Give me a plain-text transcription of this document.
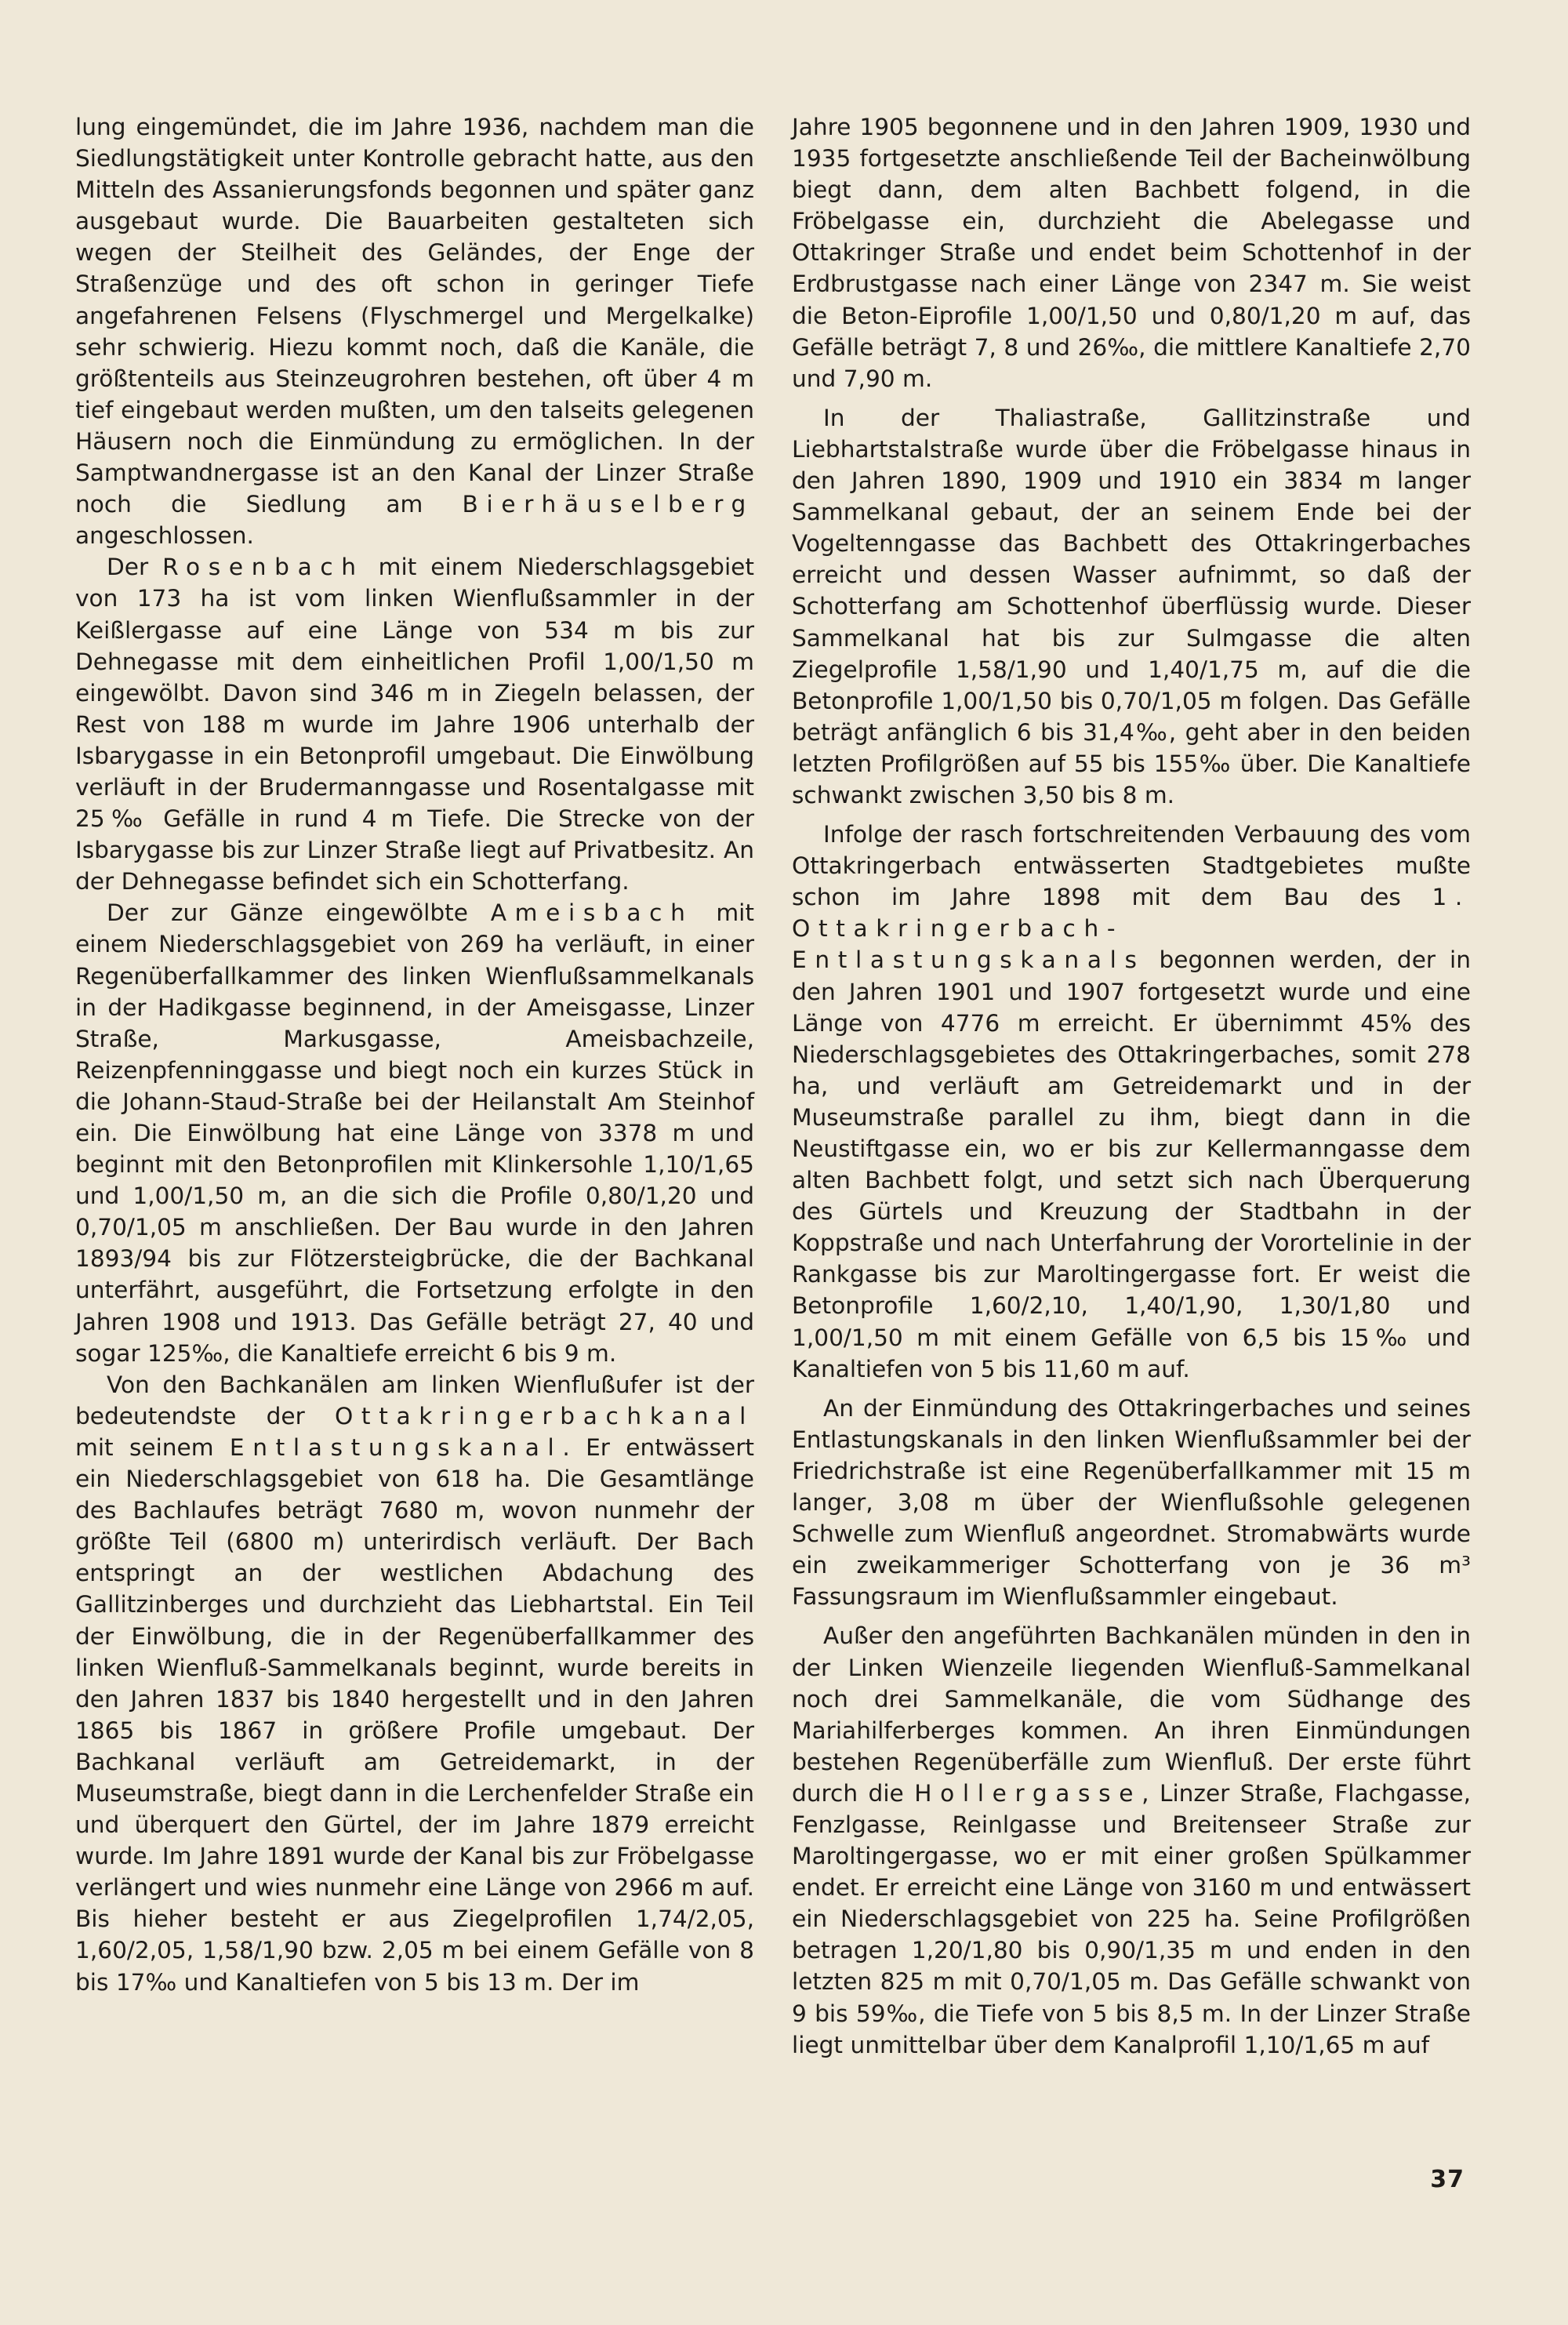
lung eingemündet, die im Jahre 1936, nachdem man die Siedlungstätigkeit unter Kontrolle gebracht hatte, aus den Mitteln des Assanierungsfonds begonnen und später ganz ausgebaut wurde. Die Bauarbeiten gestalteten sich wegen der Steilheit des Geländes, der Enge der Straßenzüge und des oft schon in geringer Tiefe angefahrenen Felsens (Flyschmergel und Mergelkalke) sehr schwierig. Hiezu kommt noch, daß die Kanäle, die größtenteils aus Steinzeugrohren bestehen, oft über 4 m tief eingebaut werden mußten, um den talseits gelegenen Häusern noch die Einmündung zu ermöglichen. In der Samptwandnergasse ist an den Kanal der Linzer Straße noch die Siedlung am Bierhäuselberg angeschlossen.

Der Rosenbach mit einem Niederschlagsgebiet von 173 ha ist vom linken Wienflußsammler in der Keißlergasse auf eine Länge von 534 m bis zur Dehnegasse mit dem einheitlichen Profil 1,00/1,50 m eingewölbt. Davon sind 346 m in Ziegeln belassen, der Rest von 188 m wurde im Jahre 1906 unterhalb der Isbarygasse in ein Betonprofil umgebaut. Die Einwölbung verläuft in der Brudermanngasse und Rosentalgasse mit 25‰ Gefälle in rund 4 m Tiefe. Die Strecke von der Isbarygasse bis zur Linzer Straße liegt auf Privatbesitz. An der Dehnegasse befindet sich ein Schotterfang.

Der zur Gänze eingewölbte Ameisbach mit einem Niederschlagsgebiet von 269 ha verläuft, in einer Regenüberfallkammer des linken Wienflußsammelkanals in der Hadikgasse beginnend, in der Ameisgasse, Linzer Straße, Markusgasse, Ameisbachzeile, Reizenpfenninggasse und biegt noch ein kurzes Stück in die Johann-Staud-Straße bei der Heilanstalt Am Steinhof ein. Die Einwölbung hat eine Länge von 3378 m und beginnt mit den Betonprofilen mit Klinkersohle 1,10/1,65 und 1,00/1,50 m, an die sich die Profile 0,80/1,20 und 0,70/1,05 m anschließen. Der Bau wurde in den Jahren 1893/94 bis zur Flötzersteigbrücke, die der Bachkanal unterfährt, ausgeführt, die Fortsetzung erfolgte in den Jahren 1908 und 1913. Das Gefälle beträgt 27, 40 und sogar 125‰, die Kanaltiefe erreicht 6 bis 9 m.

Von den Bachkanälen am linken Wienflußufer ist der bedeutendste der Ottakringerbachkanal mit seinem Entlastungskanal. Er entwässert ein Niederschlagsgebiet von 618 ha. Die Gesamtlänge des Bachlaufes beträgt 7680 m, wovon nunmehr der größte Teil (6800 m) unterirdisch verläuft. Der Bach entspringt an der westlichen Abdachung des Gallitzinberges und durchzieht das Liebhartstal. Ein Teil der Einwölbung, die in der Regenüberfallkammer des linken Wienfluß-Sammelkanals beginnt, wurde bereits in den Jahren 1837 bis 1840 hergestellt und in den Jahren 1865 bis 1867 in größere Profile umgebaut. Der Bachkanal verläuft am Getreidemarkt, in der Museumstraße, biegt dann in die Lerchenfelder Straße ein und überquert den Gürtel, der im Jahre 1879 erreicht wurde. Im Jahre 1891 wurde der Kanal bis zur Fröbelgasse verlängert und wies nunmehr eine Länge von 2966 m auf. Bis hieher besteht er aus Ziegelprofilen 1,74/2,05, 1,60/2,05, 1,58/1,90 bzw. 2,05 m bei einem Gefälle von 8 bis 17‰ und Kanaltiefen von 5 bis 13 m. Der im

Jahre 1905 begonnene und in den Jahren 1909, 1930 und 1935 fortgesetzte anschließende Teil der Bacheinwölbung biegt dann, dem alten Bachbett folgend, in die Fröbelgasse ein, durchzieht die Abelegasse und Ottakringer Straße und endet beim Schottenhof in der Erdbrustgasse nach einer Länge von 2347 m. Sie weist die Beton-Eiprofile 1,00/1,50 und 0,80/1,20 m auf, das Gefälle beträgt 7, 8 und 26‰, die mittlere Kanaltiefe 2,70 und 7,90 m.

In der Thaliastraße, Gallitzinstraße und Liebhartstalstraße wurde über die Fröbelgasse hinaus in den Jahren 1890, 1909 und 1910 ein 3834 m langer Sammelkanal gebaut, der an seinem Ende bei der Vogeltenngasse das Bachbett des Ottakringerbaches erreicht und dessen Wasser aufnimmt, so daß der Schotterfang am Schottenhof überflüssig wurde. Dieser Sammelkanal hat bis zur Sulmgasse die alten Ziegelprofile 1,58/1,90 und 1,40/1,75 m, auf die die Betonprofile 1,00/1,50 bis 0,70/1,05 m folgen. Das Gefälle beträgt anfänglich 6 bis 31,4‰, geht aber in den beiden letzten Profilgrößen auf 55 bis 155‰ über. Die Kanaltiefe schwankt zwischen 3,50 bis 8 m.

Infolge der rasch fortschreitenden Verbauung des vom Ottakringerbach entwässerten Stadtgebietes mußte schon im Jahre 1898 mit dem Bau des 1. Ottakringerbach-Entlastungskanals begonnen werden, der in den Jahren 1901 und 1907 fortgesetzt wurde und eine Länge von 4776 m erreicht. Er übernimmt 45% des Niederschlagsgebietes des Ottakringerbaches, somit 278 ha, und verläuft am Getreidemarkt und in der Museumstraße parallel zu ihm, biegt dann in die Neustiftgasse ein, wo er bis zur Kellermanngasse dem alten Bachbett folgt, und setzt sich nach Überquerung des Gürtels und Kreuzung der Stadtbahn in der Koppstraße und nach Unterfahrung der Vorortelinie in der Rankgasse bis zur Maroltingergasse fort. Er weist die Betonprofile 1,60/2,10, 1,40/1,90, 1,30/1,80 und 1,00/1,50 m mit einem Gefälle von 6,5 bis 15‰ und Kanaltiefen von 5 bis 11,60 m auf.

An der Einmündung des Ottakringerbaches und seines Entlastungskanals in den linken Wienflußsammler bei der Friedrichstraße ist eine Regenüberfallkammer mit 15 m langer, 3,08 m über der Wienflußsohle gelegenen Schwelle zum Wienfluß angeordnet. Stromabwärts wurde ein zweikammeriger Schotterfang von je 36 m³ Fassungsraum im Wienflußsammler eingebaut.

Außer den angeführten Bachkanälen münden in den in der Linken Wienzeile liegenden Wienfluß-Sammelkanal noch drei Sammelkanäle, die vom Südhange des Mariahilferberges kommen. An ihren Einmündungen bestehen Regenüberfälle zum Wienfluß. Der erste führt durch die Hollergasse, Linzer Straße, Flachgasse, Fenzlgasse, Reinlgasse und Breitenseer Straße zur Maroltingergasse, wo er mit einer großen Spülkammer endet. Er erreicht eine Länge von 3160 m und entwässert ein Niederschlagsgebiet von 225 ha. Seine Profilgrößen betragen 1,20/1,80 bis 0,90/1,35 m und enden in den letzten 825 m mit 0,70/1,05 m. Das Gefälle schwankt von 9 bis 59‰, die Tiefe von 5 bis 8,5 m. In der Linzer Straße liegt unmittelbar über dem Kanalprofil 1,10/1,65 m auf

37
